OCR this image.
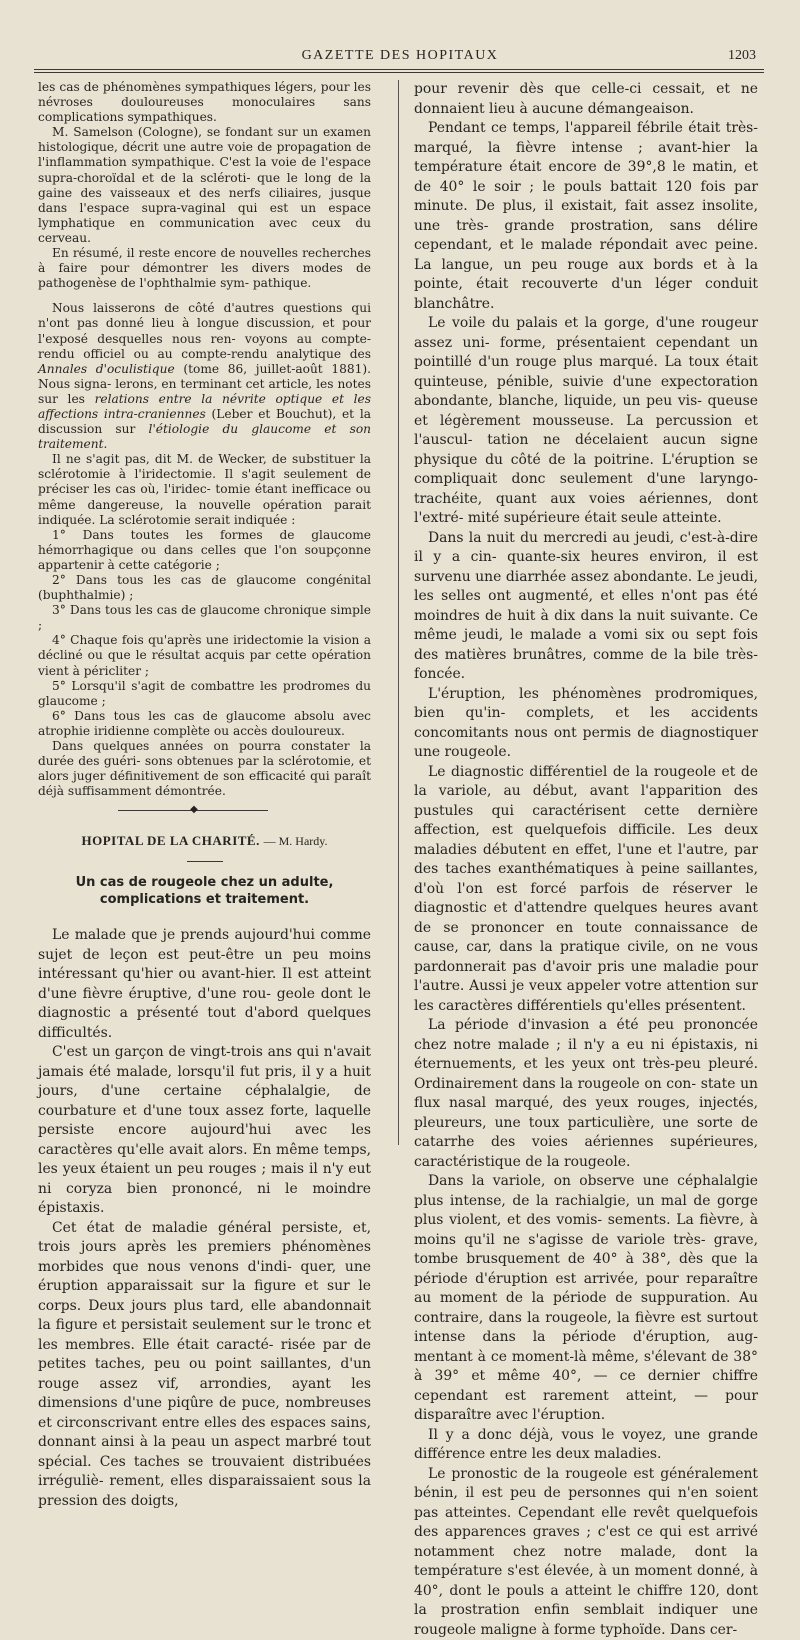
GAZETTE DES HOPITAUX	1203

les cas de phénomènes sympathiques légers, pour les névroses douloureuses monoculaires sans complications sympathiques.

M. Samelson (Cologne), se fondant sur un examen histologique, décrit une autre voie de propagation de l'inflammation sympathique. C'est la voie de l'espace supra-choroïdal et de la scléroti- que le long de la gaine des vaisseaux et des nerfs ciliaires, jusque dans l'espace supra-vaginal qui est un espace lymphatique en communication avec ceux du cerveau.

En résumé, il reste encore de nouvelles recherches à faire pour démontrer les divers modes de pathogenèse de l'ophthalmie sym- pathique.

Nous laisserons de côté d'autres questions qui n'ont pas donné lieu à longue discussion, et pour l'exposé desquelles nous ren- voyons au compte-rendu officiel ou au compte-rendu analytique des Annales d'oculistique (tome 86, juillet-août 1881). Nous signa- lerons, en terminant cet article, les notes sur les relations entre la névrite optique et les affections intra-craniennes (Leber et Bouchut), et la discussion sur l'étiologie du glaucome et son traitement.

Il ne s'agit pas, dit M. de Wecker, de substituer la sclérotomie à l'iridectomie. Il s'agit seulement de préciser les cas où, l'iridec- tomie étant inefficace ou même dangereuse, la nouvelle opération parait indiquée. La sclérotomie serait indiquée :

1° Dans toutes les formes de glaucome hémorrhagique ou dans celles que l'on soupçonne appartenir à cette catégorie ;

2° Dans tous les cas de glaucome congénital (buphthalmie) ;

3° Dans tous les cas de glaucome chronique simple ;

4° Chaque fois qu'après une iridectomie la vision a décliné ou que le résultat acquis par cette opération vient à péricliter ;

5° Lorsqu'il s'agit de combattre les prodromes du glaucome ;

6° Dans tous les cas de glaucome absolu avec atrophie iridienne complète ou accès douloureux.

Dans quelques années on pourra constater la durée des guéri- sons obtenues par la sclérotomie, et alors juger définitivement de son efficacité qui paraît déjà suffisamment démontrée.

◆
HOPITAL DE LA CHARITÉ. — M. Hardy.
Un cas de rougeole chez un adulte, complications et traitement.

Le malade que je prends aujourd'hui comme sujet de leçon est peut-être un peu moins intéressant qu'hier ou avant-hier. Il est atteint d'une fièvre éruptive, d'une rou- geole dont le diagnostic a présenté tout d'abord quelques difficultés.

C'est un garçon de vingt-trois ans qui n'avait jamais été malade, lorsqu'il fut pris, il y a huit jours, d'une certaine céphalalgie, de courbature et d'une toux assez forte, laquelle persiste encore aujourd'hui avec les caractères qu'elle avait alors. En même temps, les yeux étaient un peu rouges ; mais il n'y eut ni coryza bien prononcé, ni le moindre épistaxis.

Cet état de maladie général persiste, et, trois jours après les premiers phénomènes morbides que nous venons d'indi- quer, une éruption apparaissait sur la figure et sur le corps. Deux jours plus tard, elle abandonnait la figure et persistait seulement sur le tronc et les membres. Elle était caracté- risée par de petites taches, peu ou point saillantes, d'un rouge assez vif, arrondies, ayant les dimensions d'une piqûre de puce, nombreuses et circonscrivant entre elles des espaces sains, donnant ainsi à la peau un aspect marbré tout spécial. Ces taches se trouvaient distribuées irréguliè- rement, elles disparaissaient sous la pression des doigts,

pour revenir dès que celle-ci cessait, et ne donnaient lieu à aucune démangeaison.

Pendant ce temps, l'appareil fébrile était très-marqué, la fièvre intense ; avant-hier la température était encore de 39°,8 le matin, et de 40° le soir ; le pouls battait 120 fois par minute. De plus, il existait, fait assez insolite, une très- grande prostration, sans délire cependant, et le malade répondait avec peine. La langue, un peu rouge aux bords et à la pointe, était recouverte d'un léger conduit blanchâtre.

Le voile du palais et la gorge, d'une rougeur assez uni- forme, présentaient cependant un pointillé d'un rouge plus marqué. La toux était quinteuse, pénible, suivie d'une expectoration abondante, blanche, liquide, un peu vis- queuse et légèrement mousseuse. La percussion et l'auscul- tation ne décelaient aucun signe physique du côté de la poitrine. L'éruption se compliquait donc seulement d'une laryngo-trachéite, quant aux voies aériennes, dont l'extré- mité supérieure était seule atteinte.

Dans la nuit du mercredi au jeudi, c'est-à-dire il y a cin- quante-six heures environ, il est survenu une diarrhée assez abondante. Le jeudi, les selles ont augmenté, et elles n'ont pas été moindres de huit à dix dans la nuit suivante. Ce même jeudi, le malade a vomi six ou sept fois des matières brunâtres, comme de la bile très-foncée.

L'éruption, les phénomènes prodromiques, bien qu'in- complets, et les accidents concomitants nous ont permis de diagnostiquer une rougeole.

Le diagnostic différentiel de la rougeole et de la variole, au début, avant l'apparition des pustules qui caractérisent cette dernière affection, est quelquefois difficile. Les deux maladies débutent en effet, l'une et l'autre, par des taches exanthématiques à peine saillantes, d'où l'on est forcé parfois de réserver le diagnostic et d'attendre quelques heures avant de se prononcer en toute connaissance de cause, car, dans la pratique civile, on ne vous pardonnerait pas d'avoir pris une maladie pour l'autre. Aussi je veux appeler votre attention sur les caractères différentiels qu'elles présentent.

La période d'invasion a été peu prononcée chez notre malade ; il n'y a eu ni épistaxis, ni éternuements, et les yeux ont très-peu pleuré. Ordinairement dans la rougeole on con- state un flux nasal marqué, des yeux rouges, injectés, pleureurs, une toux particulière, une sorte de catarrhe des voies aériennes supérieures, caractéristique de la rougeole.

Dans la variole, on observe une céphalalgie plus intense, de la rachialgie, un mal de gorge plus violent, et des vomis- sements. La fièvre, à moins qu'il ne s'agisse de variole très- grave, tombe brusquement de 40° à 38°, dès que la période d'éruption est arrivée, pour reparaître au moment de la période de suppuration. Au contraire, dans la rougeole, la fièvre est surtout intense dans la période d'éruption, aug- mentant à ce moment-là même, s'élevant de 38° à 39° et même 40°, — ce dernier chiffre cependant est rarement atteint, — pour disparaître avec l'éruption.

Il y a donc déjà, vous le voyez, une grande différence entre les deux maladies.

Le pronostic de la rougeole est généralement bénin, il est peu de personnes qui n'en soient pas atteintes. Cependant elle revêt quelquefois des apparences graves ; c'est ce qui est arrivé notamment chez notre malade, dont la température s'est élevée, à un moment donné, à 40°, dont le pouls a atteint le chiffre 120, dont la prostration enfin semblait indiquer une rougeole maligne à forme typhoïde. Dans cer-
